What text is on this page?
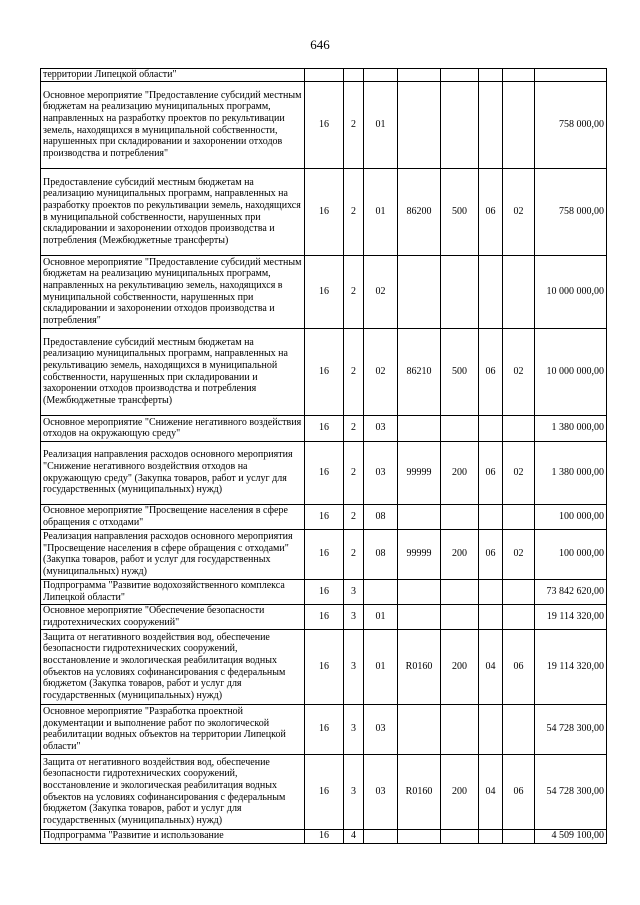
646
территории Липецкой области"								
Основное мероприятие "Предоставление субсидий местным бюджетам на реализацию муниципальных программ, направленных на разработку проектов по рекультивации земель, находящихся в муниципальной собственности, нарушенных при складировании и захоронении отходов производства и потребления"	16	2	01					758 000,00
Предоставление субсидий местным бюджетам на реализацию муниципальных программ, направленных на разработку проектов по рекультивации земель, находящихся в муниципальной собственности, нарушенных при складировании и захоронении отходов производства и потребления (Межбюджетные трансферты)	16	2	01	86200	500	06	02	758 000,00
Основное мероприятие "Предоставление субсидий местным бюджетам на реализацию муниципальных программ, направленных на рекультивацию земель, находящихся в муниципальной собственности, нарушенных при складировании и захоронении отходов производства и потребления"	16	2	02					10 000 000,00
Предоставление субсидий местным бюджетам на реализацию муниципальных программ, направленных на рекультивацию земель, находящихся в муниципальной собственности, нарушенных при складировании и захоронении отходов производства и потребления (Межбюджетные трансферты)	16	2	02	86210	500	06	02	10 000 000,00
Основное мероприятие "Снижение негативного воздействия отходов на окружающую среду"	16	2	03					1 380 000,00
Реализация направления расходов основного мероприятия "Снижение негативного воздействия отходов на окружающую среду" (Закупка товаров, работ и услуг для государственных (муниципальных) нужд)	16	2	03	99999	200	06	02	1 380 000,00
Основное мероприятие "Просвещение населения в сфере обращения с отходами"	16	2	08					100 000,00
Реализация направления расходов основного мероприятия "Просвещение населения в сфере обращения с отходами" (Закупка товаров, работ и услуг для государственных (муниципальных) нужд)	16	2	08	99999	200	06	02	100 000,00
Подпрограмма "Развитие водохозяйственного комплекса Липецкой области"	16	3						73 842 620,00
Основное мероприятие "Обеспечение безопасности гидротехнических сооружений"	16	3	01					19 114 320,00
Защита от негативного воздействия вод, обеспечение безопасности гидротехнических сооружений, восстановление и экологическая реабилитация водных объектов на условиях софинансирования с федеральным бюджетом (Закупка товаров, работ и услуг для государственных (муниципальных) нужд)	16	3	01	R0160	200	04	06	19 114 320,00
Основное мероприятие "Разработка проектной документации и выполнение работ по экологической реабилитации водных объектов на территории Липецкой области"	16	3	03					54 728 300,00
Защита от негативного воздействия вод, обеспечение безопасности гидротехнических сооружений, восстановление и экологическая реабилитация водных объектов на условиях софинансирования с федеральным бюджетом (Закупка товаров, работ и услуг для государственных (муниципальных) нужд)	16	3	03	R0160	200	04	06	54 728 300,00
Подпрограмма "Развитие и использование	16	4						4 509 100,00
